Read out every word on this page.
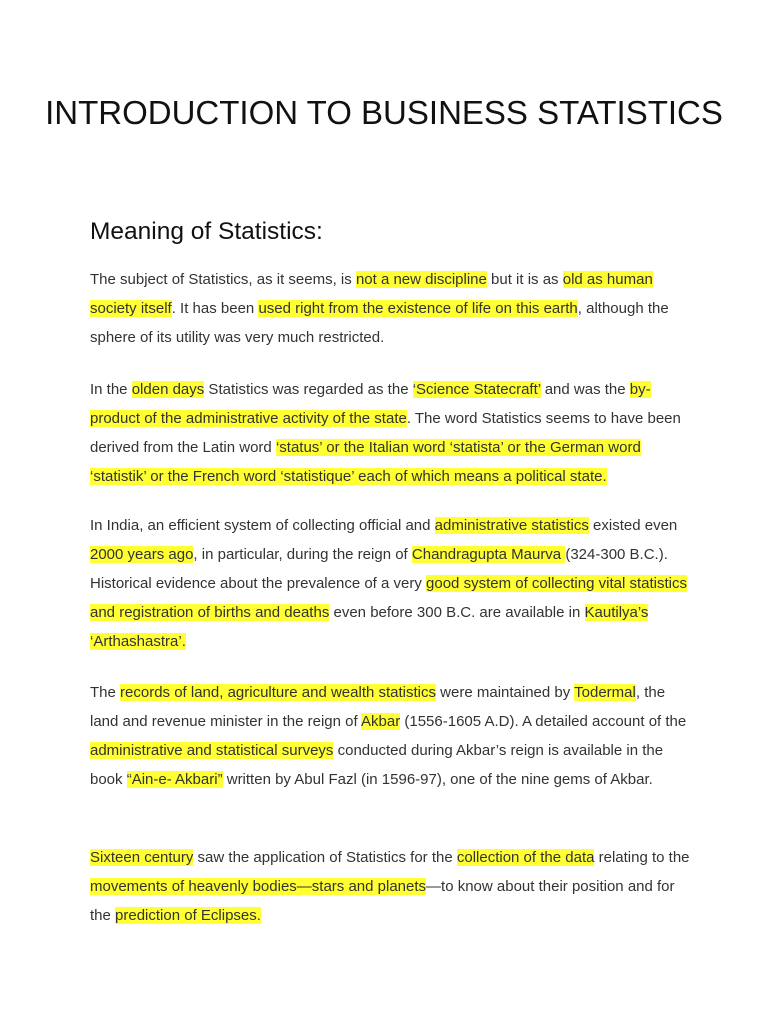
INTRODUCTION TO BUSINESS STATISTICS
Meaning of Statistics:

The subject of Statistics, as it seems, is not a new discipline but it is as old as human society itself. It has been used right from the existence of life on this earth, although the sphere of its utility was very much restricted.

In the olden days Statistics was regarded as the ‘Science Statecraft’ and was the by-product of the administrative activity of the state. The word Statistics seems to have been derived from the Latin word ‘status’ or the Italian word ‘statista’ or the German word ‘statistik’ or the French word ‘statistique’ each of which means a political state.

In India, an efficient system of collecting official and administrative statistics existed even 2000 years ago, in particular, during the reign of Chandragupta Maurva (324-300 B.C.). Historical evidence about the prevalence of a very good system of collecting vital statistics and registration of births and deaths even before 300 B.C. are available in Kautilya’s ‘Arthashastra’.

The records of land, agriculture and wealth statistics were maintained by Todermal, the land and revenue minister in the reign of Akbar (1556-1605 A.D). A detailed account of the administrative and statistical surveys conducted during Akbar’s reign is available in the book “Ain-e- Akbari” written by Abul Fazl (in 1596-97), one of the nine gems of Akbar.

Sixteen century saw the application of Statistics for the collection of the data relating to the movements of heavenly bodies—stars and planets—to know about their position and for the prediction of Eclipses.
